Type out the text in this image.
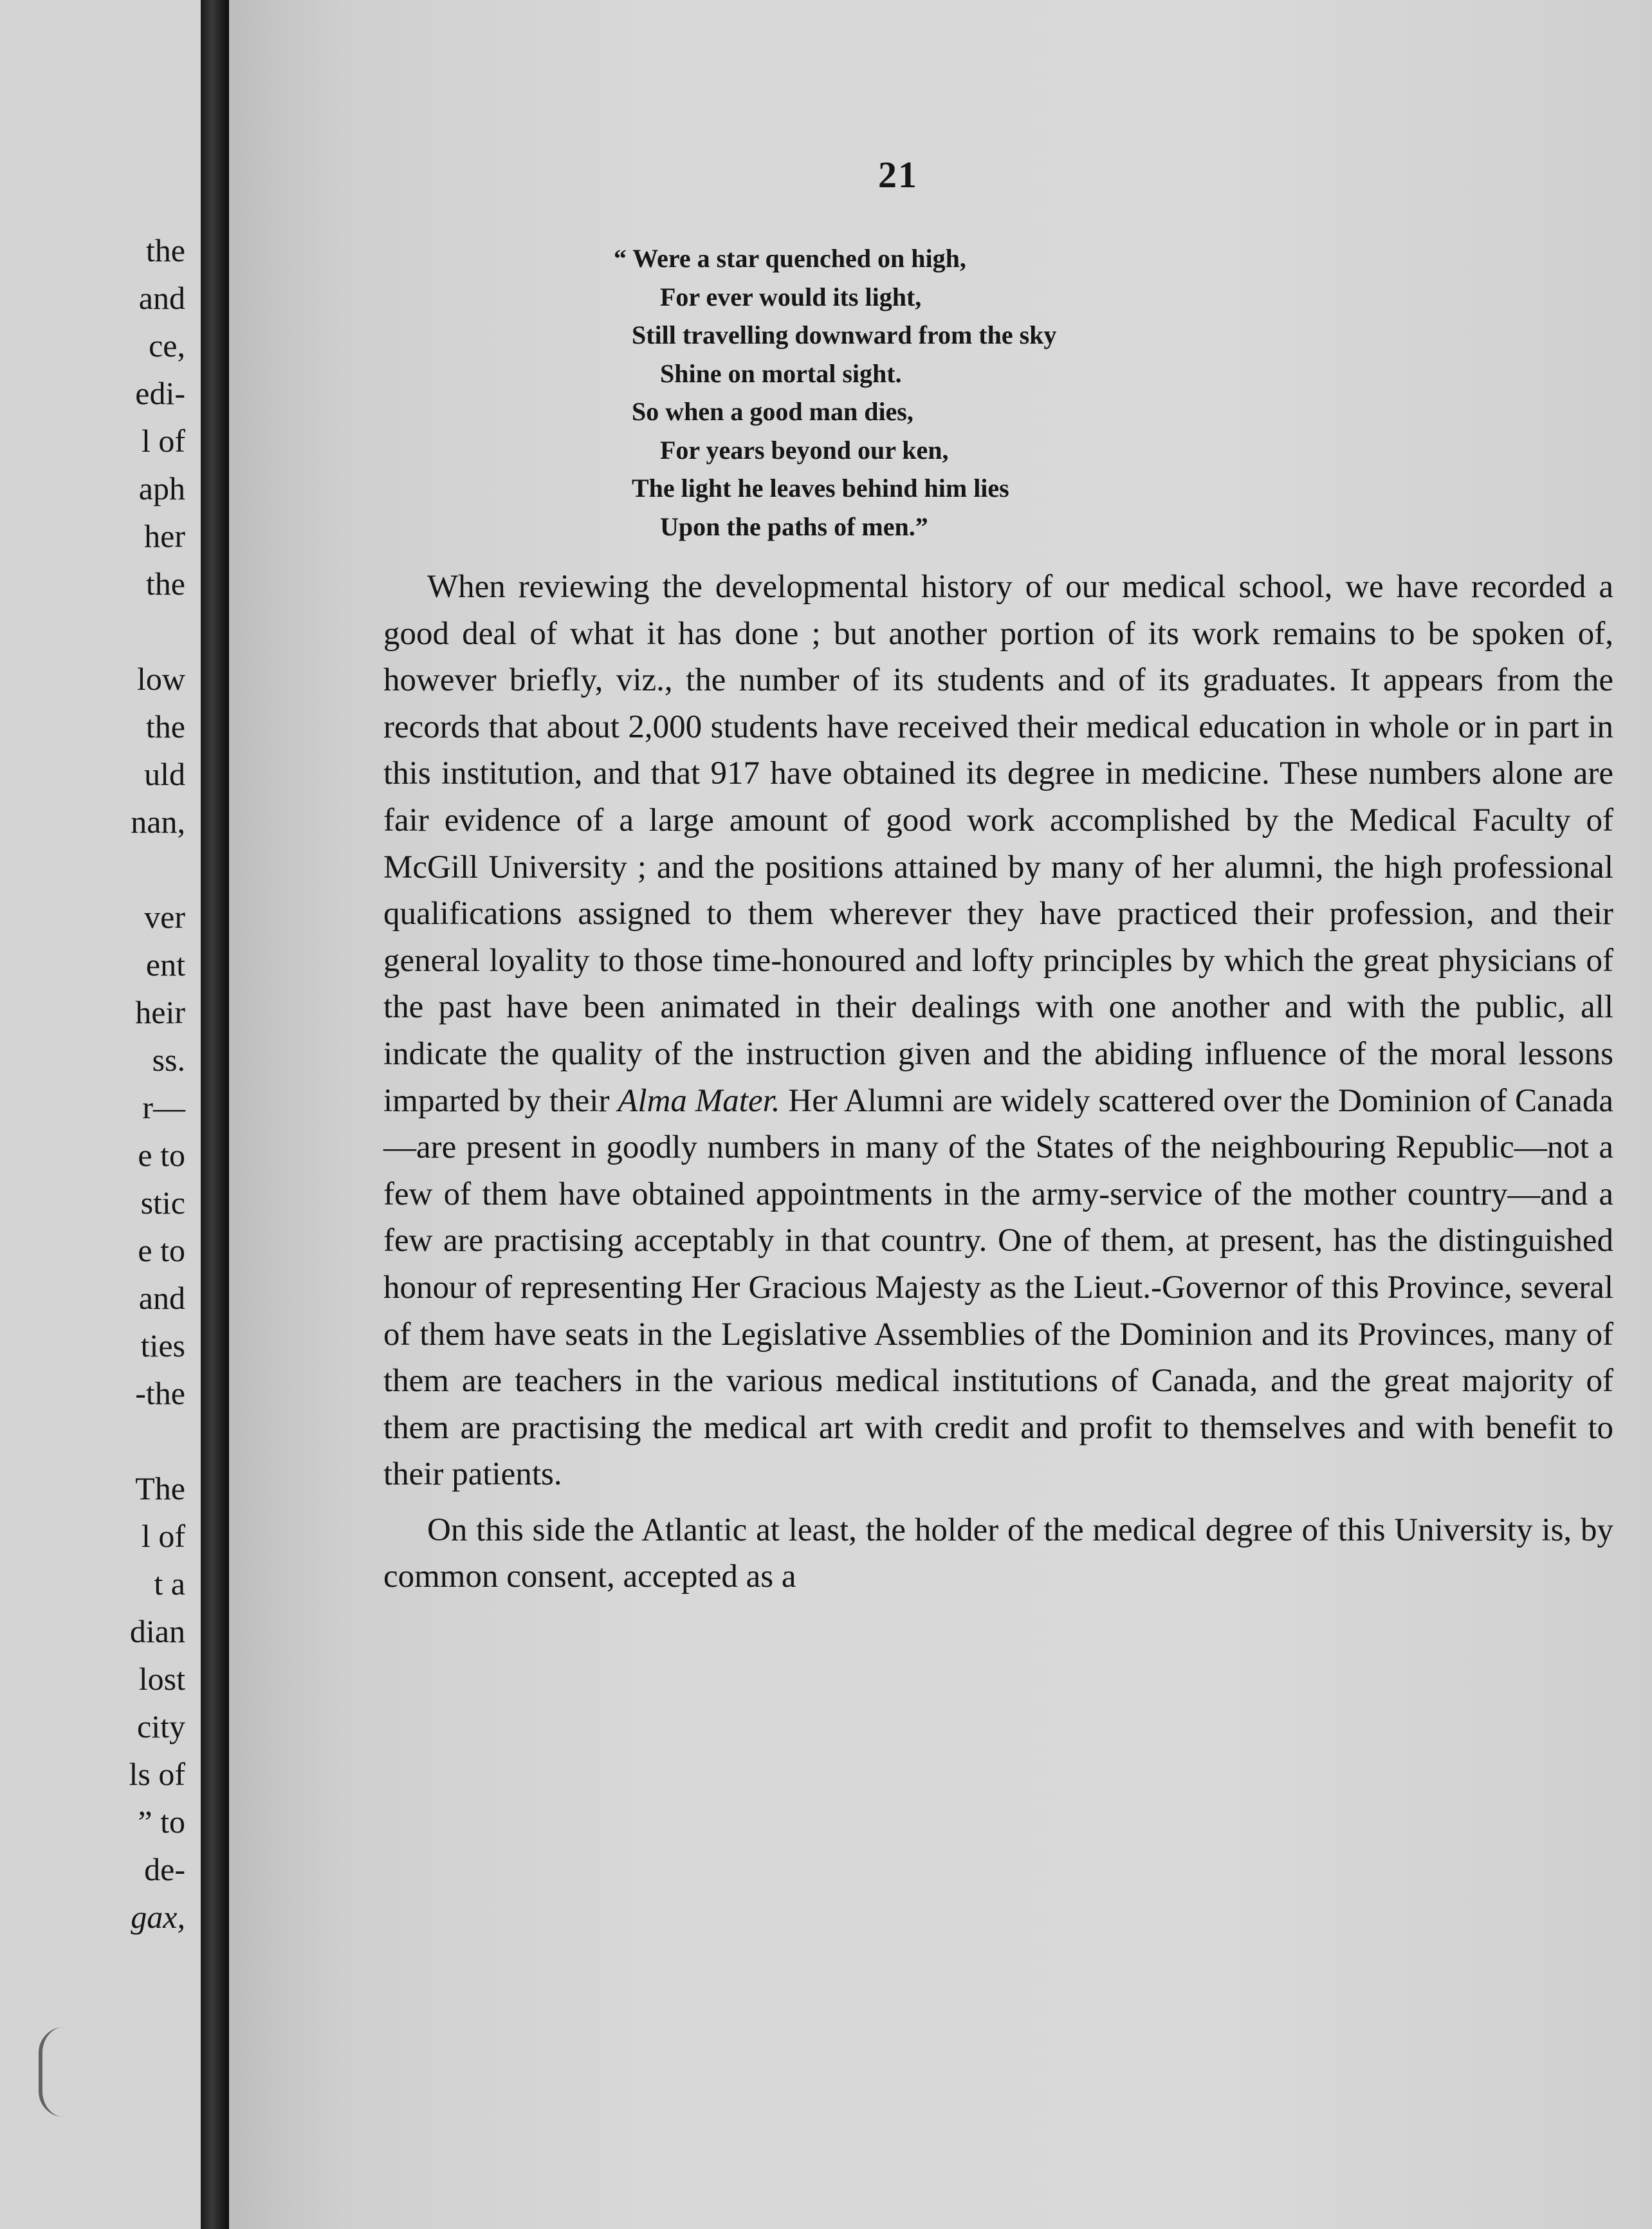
the
and
ce,
edi-
l of
aph
her
the
low
the
uld
nan,
ver
ent
heir
ss.
r—
e to
stic
e to
and
ties
-the
The
l of
t a
dian
lost
city
ls of
” to
de-
gax,
21
“ Were a star quenched on high,
For ever would its light,
Still travelling downward from the sky
Shine on mortal sight.
So when a good man dies,
For years beyond our ken,
The light he leaves behind him lies
Upon the paths of men.”

When reviewing the developmental history of our medical school, we have recorded a good deal of what it has done ; but another portion of its work remains to be spoken of, however briefly, viz., the number of its students and of its graduates. It appears from the records that about 2,000 students have received their medical education in whole or in part in this institution, and that 917 have obtained its degree in medicine. These numbers alone are fair evidence of a large amount of good work accomplished by the Medical Faculty of McGill University ; and the positions attained by many of her alumni, the high professional qualifications assigned to them wherever they have practiced their profession, and their general loyality to those time-honoured and lofty principles by which the great physicians of the past have been animated in their dealings with one another and with the public, all indicate the quality of the instruction given and the abiding influence of the moral lessons imparted by their Alma Mater. Her Alumni are widely scattered over the Dominion of Canada—are present in goodly numbers in many of the States of the neighbouring Republic—not a few of them have obtained appointments in the army-service of the mother country—and a few are practising acceptably in that country. One of them, at present, has the distinguished honour of representing Her Gracious Majesty as the Lieut.-Governor of this Province, several of them have seats in the Legislative Assemblies of the Dominion and its Provinces, many of them are teachers in the various medical institutions of Canada, and the great majority of them are practising the medical art with credit and profit to themselves and with benefit to their patients.

On this side the Atlantic at least, the holder of the medical degree of this University is, by common consent, accepted as a
